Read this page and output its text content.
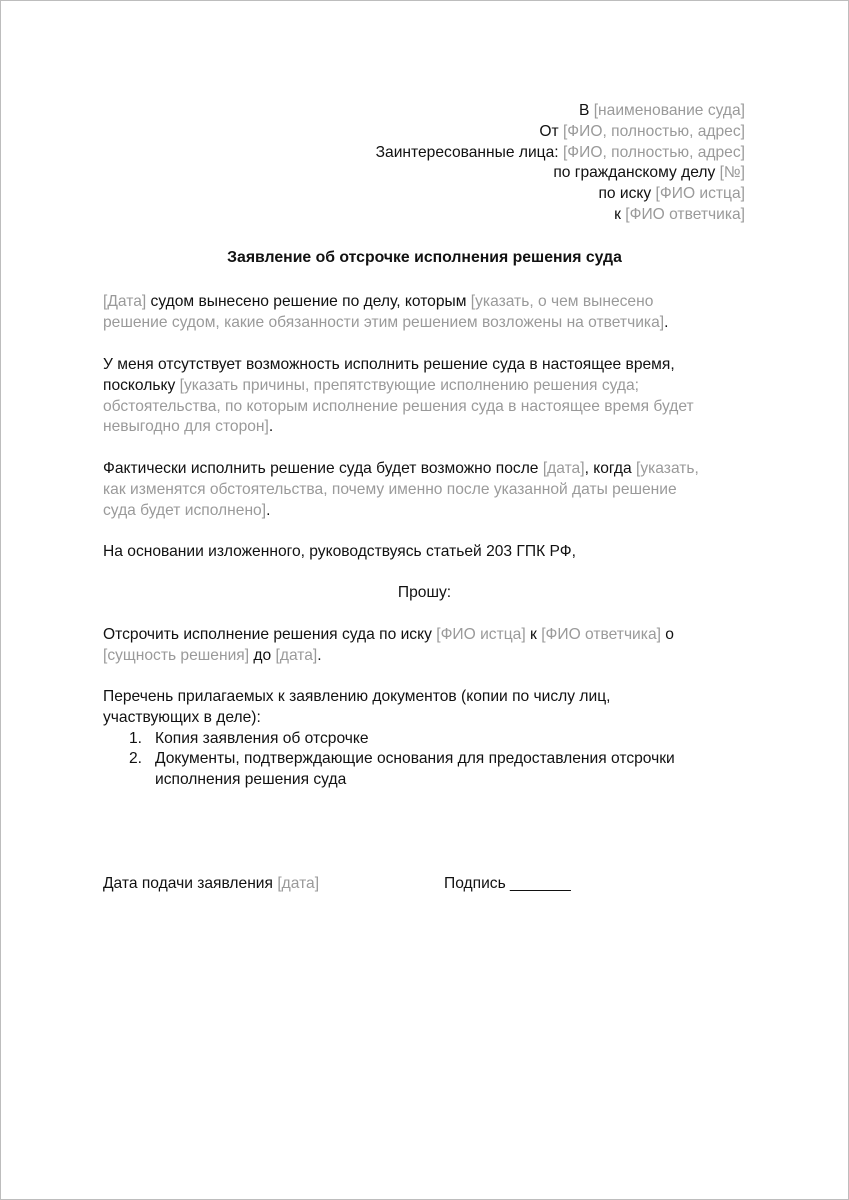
В [наименование суда]
От [ФИО, полностью, адрес]
Заинтересованные лица: [ФИО, полностью, адрес]
по гражданскому делу [№]
по иску [ФИО истца]
к [ФИО ответчика]
Заявление об отсрочке исполнения решения суда
[Дата] судом вынесено решение по делу, которым [указать, о чем вынесено решение судом, какие обязанности этим решением возложены на ответчика].
У меня отсутствует возможность исполнить решение суда в настоящее время, поскольку [указать причины, препятствующие исполнению решения суда; обстоятельства, по которым исполнение решения суда в настоящее время будет невыгодно для сторон].
Фактически исполнить решение суда будет возможно после [дата], когда [указать, как изменятся обстоятельства, почему именно после указанной даты решение суда будет исполнено].
На основании изложенного, руководствуясь статьей 203 ГПК РФ,
Прошу:
Отсрочить исполнение решения суда по иску [ФИО истца] к [ФИО ответчика] о [сущность решения] до [дата].

Перечень прилагаемых к заявлению документов (копии по числу лиц, участвующих в деле):

1. Копия заявления об отсрочке
2. Документы, подтверждающие основания для предоставления отсрочки исполнения решения суда
Дата подачи заявления [дата]	Подпись _______
